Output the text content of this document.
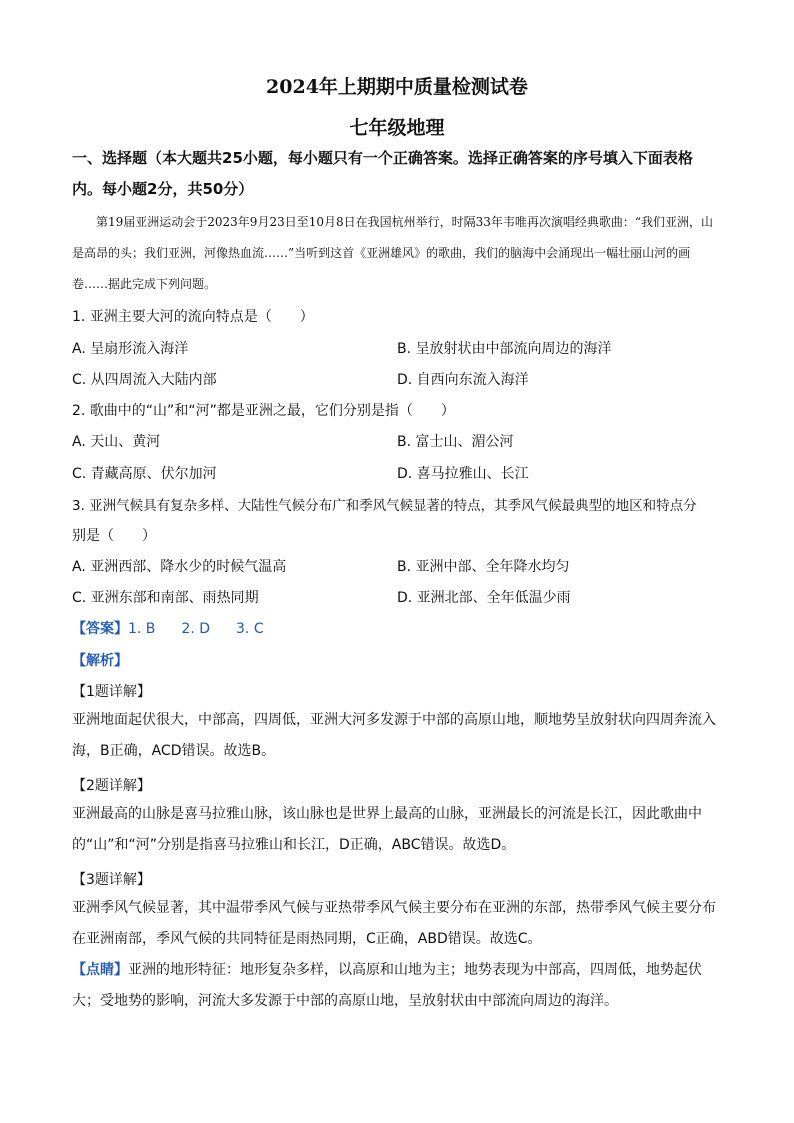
2024年上期期中质量检测试卷
七年级地理
一、选择题（本大题共25小题，每小题只有一个正确答案。选择正确答案的序号填入下面表格内。每小题2分，共50分）
第19届亚洲运动会于2023年9月23日至10月8日在我国杭州举行，时隔33年韦唯再次演唱经典歌曲：“我们亚洲，山是高昂的头；我们亚洲，河像热血流……”当听到这首《亚洲雄风》的歌曲，我们的脑海中会涌现出一幅壮丽山河的画卷……据此完成下列问题。
1. 亚洲主要大河的流向特点是（　　）
A. 呈扇形流入海洋	B. 呈放射状由中部流向周边的海洋
C. 从四周流入大陆内部	D. 自西向东流入海洋
2. 歌曲中的“山”和“河”都是亚洲之最，它们分别是指（　　）
A. 天山、黄河	B. 富士山、湄公河
C. 青藏高原、伏尔加河	D. 喜马拉雅山、长江
3. 亚洲气候具有复杂多样、大陆性气候分布广和季风气候显著的特点，其季风气候最典型的地区和特点分
别是（　　）
A. 亚洲西部、降水少的时候气温高	B. 亚洲中部、全年降水均匀
C. 亚洲东部和南部、雨热同期	D. 亚洲北部、全年低温少雨
【答案】1. B 2. D 3. C
【解析】
【1题详解】
亚洲地面起伏很大，中部高，四周低，亚洲大河多发源于中部的高原山地，顺地势呈放射状向四周奔流入海，B正确，ACD错误。故选B。
【2题详解】
亚洲最高的山脉是喜马拉雅山脉，该山脉也是世界上最高的山脉，亚洲最长的河流是长江，因此歌曲中的“山”和“河”分别是指喜马拉雅山和长江，D正确，ABC错误。故选D。
【3题详解】
亚洲季风气候显著，其中温带季风气候与亚热带季风气候主要分布在亚洲的东部，热带季风气候主要分布在亚洲南部，季风气候的共同特征是雨热同期，C正确，ABD错误。故选C。
【点睛】亚洲的地形特征：地形复杂多样，以高原和山地为主；地势表现为中部高，四周低，地势起伏大；受地势的影响，河流大多发源于中部的高原山地，呈放射状由中部流向周边的海洋。
